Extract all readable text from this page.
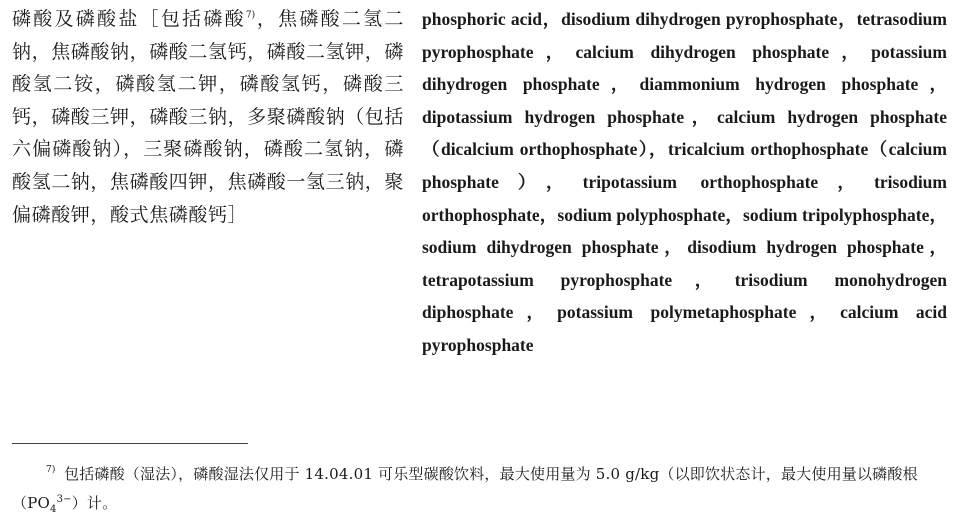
磷酸及磷酸盐［包括磷酸$^{7)}$，焦磷酸二氢二钠，焦磷酸钠，磷酸二氢钙，磷酸二氢钾，磷酸氢二铵，磷酸氢二钾，磷酸氢钙，磷酸三钙，磷酸三钾，磷酸三钠，多聚磷酸钠（包括六偏磷酸钠），三聚磷酸钠，磷酸二氢钠，磷酸氢二钠，焦磷酸四钾，焦磷酸一氢三钠，聚偏磷酸钾，酸式焦磷酸钙］
phosphoric acid，disodium dihydrogen pyrophosphate，tetrasodium pyrophosphate，calcium dihydrogen phosphate，potassium dihydrogen phosphate，diammonium hydrogen phosphate，dipotassium hydrogen phosphate，calcium hydrogen phosphate（dicalcium orthophosphate），tricalcium orthophosphate（calcium phosphate），tripotassium orthophosphate，trisodium orthophosphate，sodium polyphosphate，sodium tripolyphosphate，sodium dihydrogen phosphate，disodium hydrogen phosphate，tetrapotassium pyrophosphate，trisodium monohydrogen diphosphate，potassium polymetaphosphate，calcium acid pyrophosphate
7) 包括磷酸（湿法），磷酸湿法仅用于 14.04.01 可乐型碳酸饮料，最大使用量为 5.0 g/kg（以即饮状态计，最大使用量以磷酸根$(PO_4^{3-})$计。
